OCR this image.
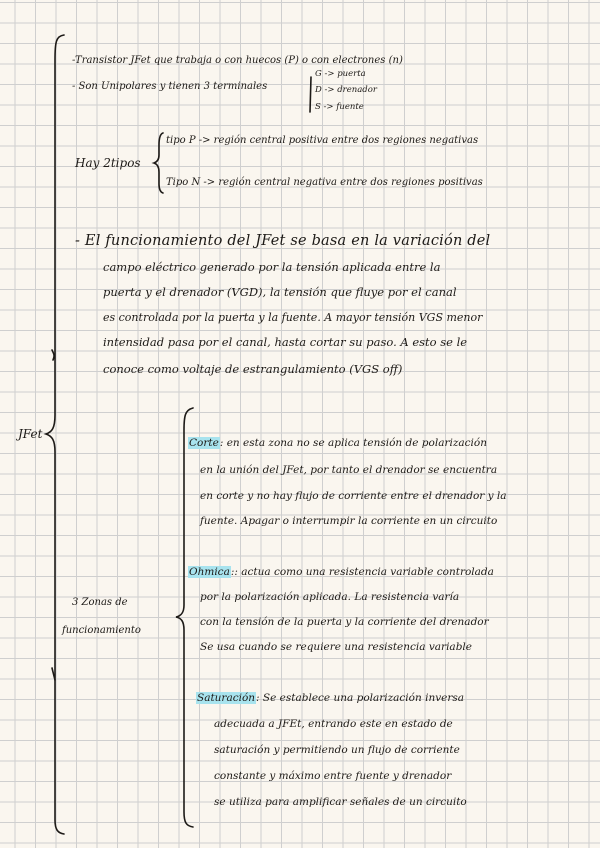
JFet
-Transistor JFet que trabaja o con huecos (P) o con electrones (n)
- Son Unipolares y tienen 3 terminales
G -> puerta
D -> drenador
S -> fuente
Hay 2tipos
tipo P -> región central positiva entre dos regiones negativas
Tipo N -> región central negativa entre dos regiones positivas
- El funcionamiento del JFet se basa en la variación del
campo eléctrico generado por la tensión aplicada entre la
puerta y el drenador (VGD), la tensión que fluye por el canal
es controlada por la puerta y la fuente. A mayor tensión VGS menor
intensidad pasa por el canal, hasta cortar su paso. A esto se le
conoce como voltaje de estrangulamiento (VGS off)
3 Zonas de
funcionamiento
Corte: en esta zona no se aplica tensión de polarización
en la unión del JFet, por tanto el drenador se encuentra
en corte y no hay flujo de corriente entre el drenador y la
fuente. Apagar o interrumpir la corriente en un circuito
Ohmica:: actua como una resistencia variable controlada
por la polarización aplicada. La resistencia varía
con la tensión de la puerta y la corriente del drenador
Se usa cuando se requiere una resistencia variable
Saturación: Se establece una polarización inversa
adecuada a JFEt, entrando este en estado de
saturación y permitiendo un flujo de corriente
constante y máximo entre fuente y drenador
se utiliza para amplificar señales de un circuito
